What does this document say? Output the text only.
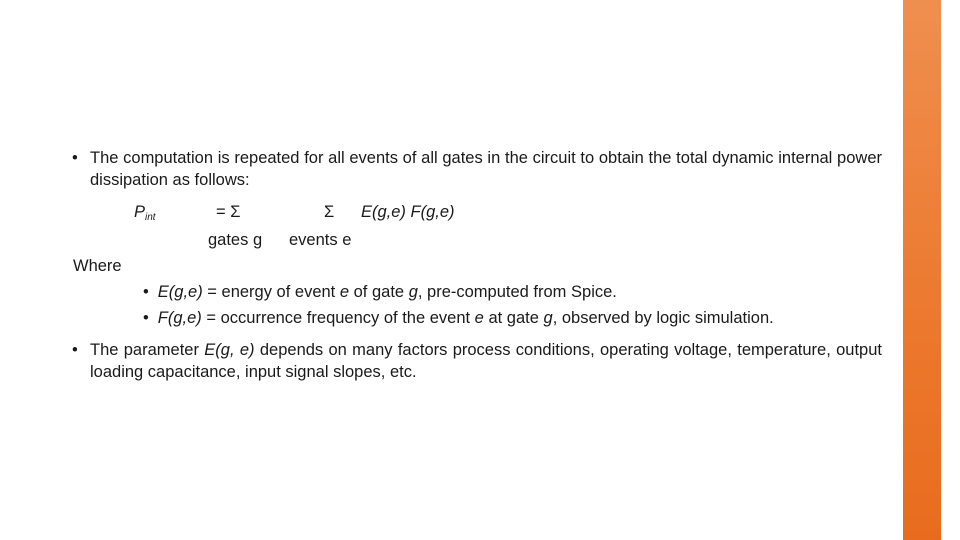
• The computation is repeated for all events of all gates in the circuit to obtain the total dynamic internal power dissipation as follows:
$P_{int}$	= Σ	Σ E(g,e) F(g,e)
gates g events e
Where
• E(g,e) = energy of event e of gate g, pre-computed from Spice.
• F(g,e) = occurrence frequency of the event e at gate g, observed by logic simulation.
• The parameter E(g, e) depends on many factors process conditions, operating voltage, temperature, output loading capacitance, input signal slopes, etc.
